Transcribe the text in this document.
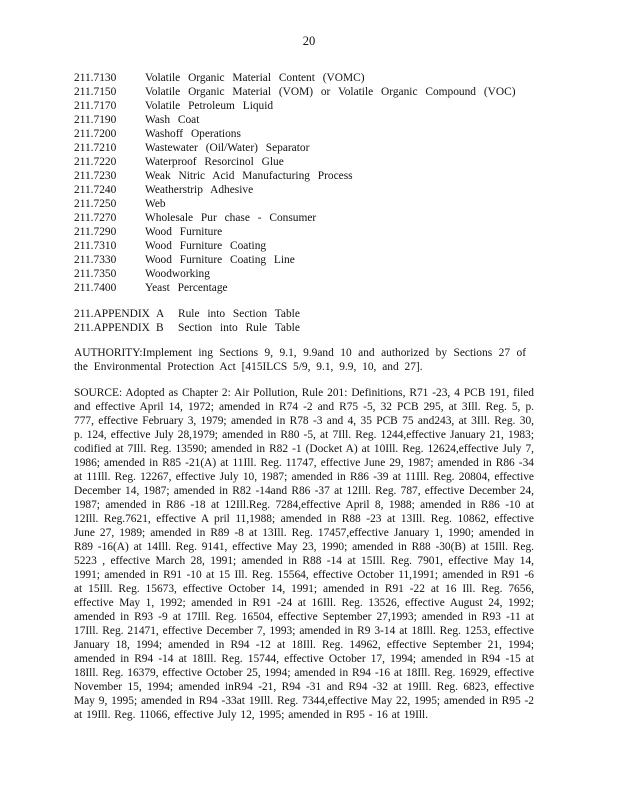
20
211.7130	Volatile Organic Material Content (VOMC)
211.7150	Volatile Organic Material (VOM) or Volatile Organic Compound (VOC)
211.7170	Volatile Petroleum Liquid
211.7190	Wash Coat
211.7200	Washoff Operations
211.7210	Wastewater (Oil/Water) Separator
211.7220	Waterproof Resorcinol Glue
211.7230	Weak Nitric Acid Manufacturing Process
211.7240	Weatherstrip Adhesive
211.7250	Web
211.7270	Wholesale Pur chase - Consumer
211.7290	Wood Furniture
211.7310	Wood Furniture Coating
211.7330	Wood Furniture Coating Line
211.7350	Woodworking
211.7400	Yeast Percentage
211.APPENDIX A Rule into Section Table
211.APPENDIX B Section into Rule Table
AUTHORITY:Implement ing Sections 9, 9.1, 9.9and 10 and authorized by Sections 27 of the Environmental Protection Act [415ILCS 5/9, 9.1, 9.9, 10, and 27].
SOURCE: Adopted as Chapter 2: Air Pollution, Rule 201: Definitions, R71 -23, 4 PCB 191, filed and effective April 14, 1972; amended in R74 -2 and R75 -5, 32 PCB 295, at 3Ill. Reg. 5, p. 777, effective February 3, 1979; amended in R78 -3 and 4, 35 PCB 75 and243, at 3Ill. Reg. 30, p. 124, effective July 28,1979; amended in R80 -5, at 7Ill. Reg. 1244,effective January 21, 1983; codified at 7Ill. Reg. 13590; amended in R82 -1 (Docket A) at 10Ill. Reg. 12624,effective July 7, 1986; amended in R85 -21(A) at 11Ill. Reg. 11747, effective June 29, 1987; amended in R86 -34 at 11Ill. Reg. 12267, effective July 10, 1987; amended in R86 -39 at 11Ill. Reg. 20804, effective December 14, 1987; amended in R82 -14and R86 -37 at 12Ill. Reg. 787, effective December 24, 1987; amended in R86 -18 at 12Ill.Reg. 7284,effective April 8, 1988; amended in R86 -10 at 12Ill. Reg.7621, effective A pril 11,1988; amended in R88 -23 at 13Ill. Reg. 10862, effective June 27, 1989; amended in R89 -8 at 13Ill. Reg. 17457,effective January 1, 1990; amended in R89 -16(A) at 14Ill. Reg. 9141, effective May 23, 1990; amended in R88 -30(B) at 15Ill. Reg. 5223 , effective March 28, 1991; amended in R88 -14 at 15Ill. Reg. 7901, effective May 14, 1991; amended in R91 -10 at 15 Ill. Reg. 15564, effective October 11,1991; amended in R91 -6 at 15Ill. Reg. 15673, effective October 14, 1991; amended in R91 -22 at 16 Ill. Reg. 7656, effective May 1, 1992; amended in R91 -24 at 16Ill. Reg. 13526, effective August 24, 1992; amended in R93 -9 at 17Ill. Reg. 16504, effective September 27,1993; amended in R93 -11 at 17Ill. Reg. 21471, effective December 7, 1993; amended in R9 3-14 at 18Ill. Reg. 1253, effective January 18, 1994; amended in R94 -12 at 18Ill. Reg. 14962, effective September 21, 1994; amended in R94 -14 at 18Ill. Reg. 15744, effective October 17, 1994; amended in R94 -15 at 18Ill. Reg. 16379, effective October 25, 1994; amended in R94 -16 at 18Ill. Reg. 16929, effective November 15, 1994; amended inR94 -21, R94 -31 and R94 -32 at 19Ill. Reg. 6823, effective May 9, 1995; amended in R94 -33at 19Ill. Reg. 7344,effective May 22, 1995; amended in R95 -2 at 19Ill. Reg. 11066, effective July 12, 1995; amended in R95 - 16 at 19Ill.
